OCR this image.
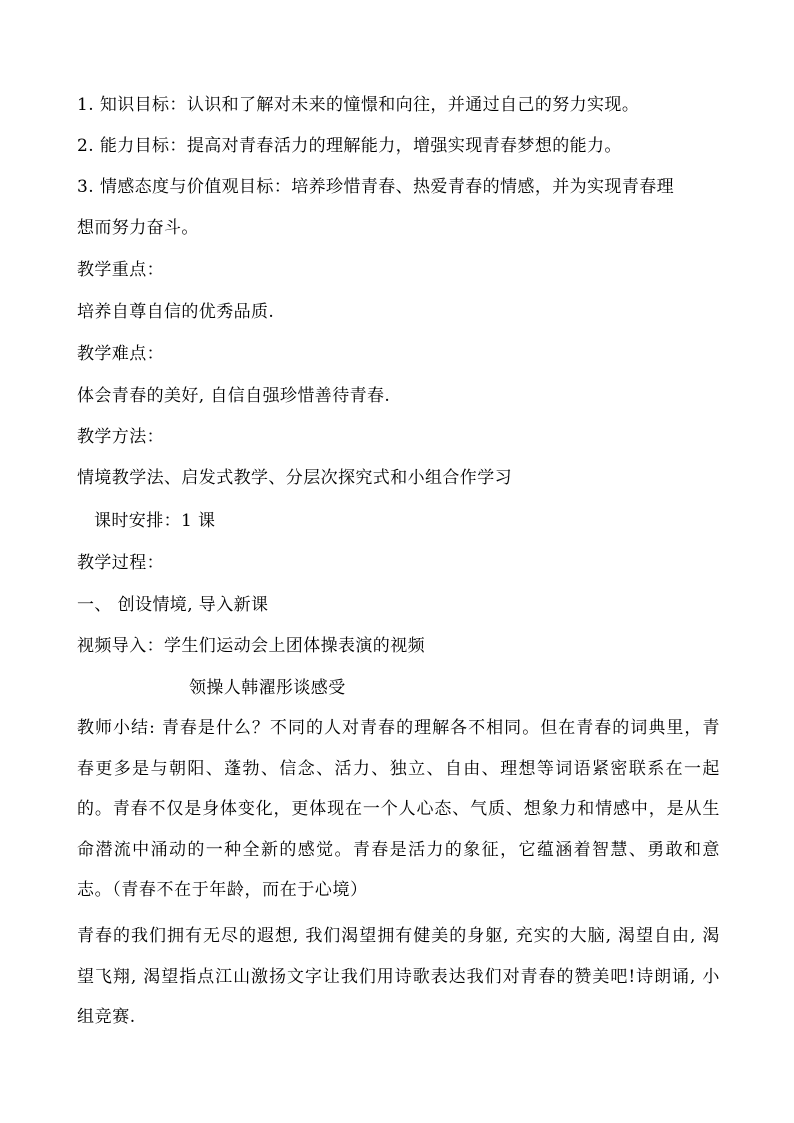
1. 知识目标：认识和了解对未来的憧憬和向往，并通过自己的努力实现。
2. 能力目标：提高对青春活力的理解能力，增强实现青春梦想的能力。
3. 情感态度与价值观目标：培养珍惜青春、热爱青春的情感，并为实现青春理
想而努力奋斗。
教学重点：
培养自尊自信的优秀品质.
教学难点：
体会青春的美好, 自信自强珍惜善待青春.
教学方法：
情境教学法、启发式教学、分层次探究式和小组合作学习
课时安排：1 课
教学过程：
一、 创设情境, 导入新课
视频导入：学生们运动会上团体操表演的视频
领操人韩濯彤谈感受
教师小结: 青春是什么？不同的人对青春的理解各不相同。但在青春的词典里，青春更多是与朝阳、蓬勃、信念、活力、独立、自由、理想等词语紧密联系在一起的。青春不仅是身体变化，更体现在一个人心态、气质、想象力和情感中，是从生命潜流中涌动的一种全新的感觉。青春是活力的象征，它蕴涵着智慧、勇敢和意志。（青春不在于年龄，而在于心境）
青春的我们拥有无尽的遐想, 我们渴望拥有健美的身躯, 充实的大脑, 渴望自由, 渴望飞翔, 渴望指点江山激扬文字让我们用诗歌表达我们对青春的赞美吧!诗朗诵, 小组竞赛.
